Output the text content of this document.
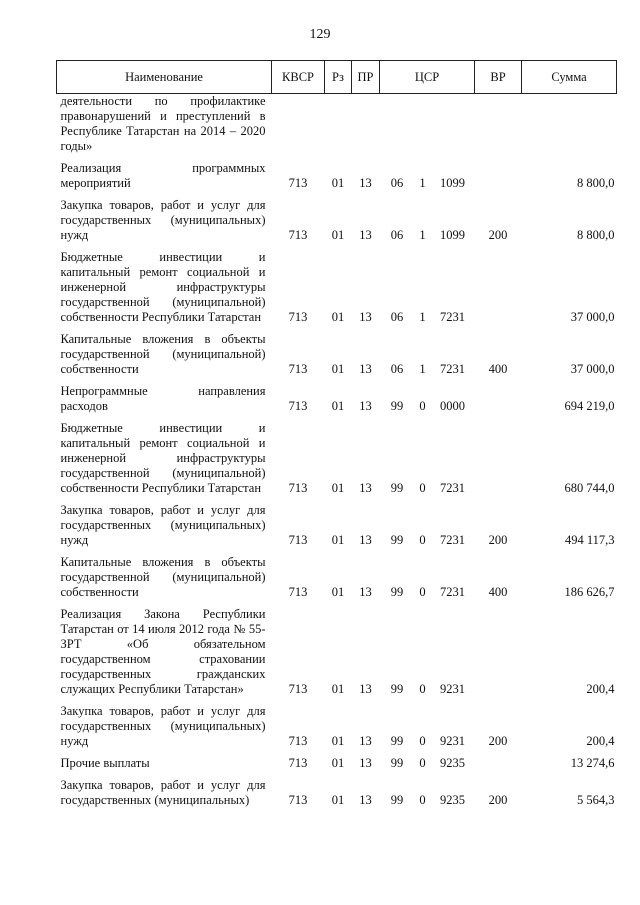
129
Наименование	КВСР	Рз	ПР	ЦСР			ВР	Сумма
деятельности по профилактике правонарушений и преступлений в Республике Татарстан на 2014 – 2020 годы»								
Реализация программных мероприятий	713	01	13	06	1	1099		8 800,0
Закупка товаров, работ и услуг для государственных (муниципальных) нужд	713	01	13	06	1	1099	200	8 800,0
Бюджетные инвестиции и капитальный ремонт социальной и инженерной инфраструктуры государственной (муниципальной) собственности Республики Татарстан	713	01	13	06	1	7231		37 000,0
Капитальные вложения в объекты государственной (муниципальной) собственности	713	01	13	06	1	7231	400	37 000,0
Непрограммные направления расходов	713	01	13	99	0	0000		694 219,0
Бюджетные инвестиции и капитальный ремонт социальной и инженерной инфраструктуры государственной (муниципальной) собственности Республики Татарстан	713	01	13	99	0	7231		680 744,0
Закупка товаров, работ и услуг для государственных (муниципальных) нужд	713	01	13	99	0	7231	200	494 117,3
Капитальные вложения в объекты государственной (муниципальной) собственности	713	01	13	99	0	7231	400	186 626,7
Реализация Закона Республики Татарстан от 14 июля 2012 года № 55-ЗРТ «Об обязательном государственном страховании государственных гражданских служащих Республики Татарстан»	713	01	13	99	0	9231		200,4
Закупка товаров, работ и услуг для государственных (муниципальных) нужд	713	01	13	99	0	9231	200	200,4
Прочие выплаты	713	01	13	99	0	9235		13 274,6
Закупка товаров, работ и услуг для государственных (муниципальных)	713	01	13	99	0	9235	200	5 564,3
